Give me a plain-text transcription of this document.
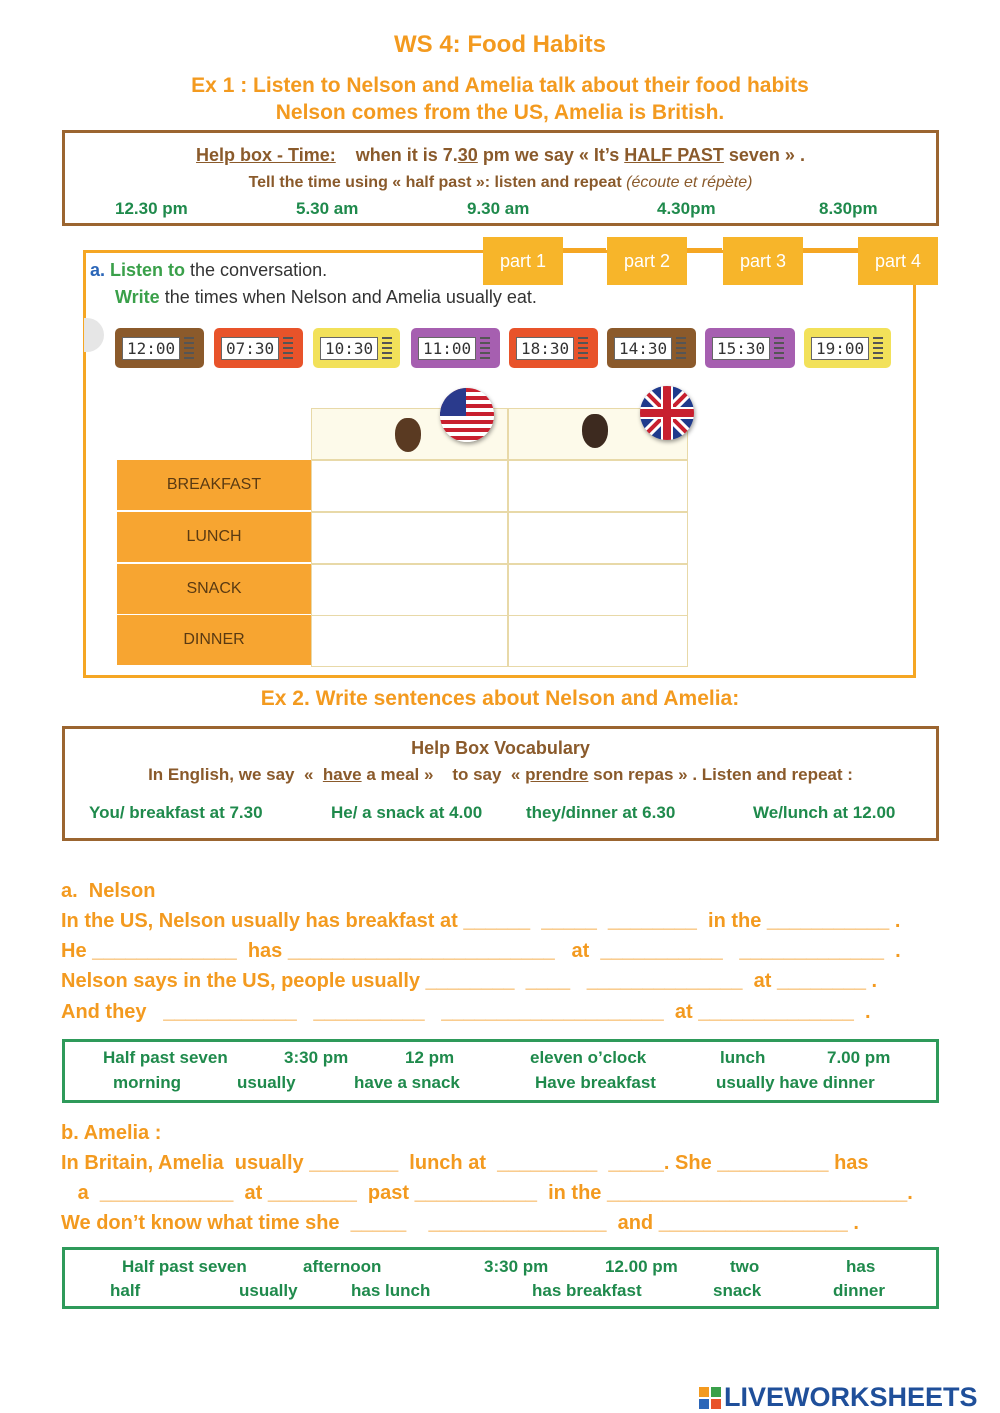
WS 4: Food Habits
Ex 1 : Listen to Nelson and Amelia talk about their food habits
Nelson comes from the US, Amelia is British.
Help box - Time: when it is 7.30 pm we say « It’s HALF PAST seven » .
Tell the time using « half past »: listen and repeat (écoute et répète)
12.30 pm	5.30 am	9.30 am	4.30pm	8.30pm
part 1	part 2	part 3	part 4
a. Listen to the conversation.
Write the times when Nelson and Amelia usually eat.
12:00	07:30	10:30	11:00	18:30	14:30	15:30	19:00
BREAKFAST
LUNCH
SNACK
DINNER
Ex 2. Write sentences about Nelson and Amelia:
Help Box Vocabulary
In English, we say  «  have a meal »    to say  « prendre son repas » . Listen and repeat :
You/ breakfast at 7.30	He/ a snack at 4.00	they/dinner at 6.30	We/lunch at 12.00
a.  Nelson
In the US, Nelson usually has breakfast at ______  _____  ________  in the ___________ .
He _____________  has ________________________   at  ___________   _____________  .
Nelson says in the US, people usually ________  ____   ______________  at ________ .
And they   ____________   __________   ____________________  at ______________  .
Half past seven	3:30 pm	12 pm	eleven o’clock	lunch	7.00 pm
morning	usually	have a snack	Have breakfast	usually have dinner
b. Amelia :
In Britain, Amelia  usually ________  lunch at  _________  _____. She __________ has
a  ____________  at ________  past ___________  in the ___________________________.
We don’t know what time she  _____    ________________  and _________________ .
Half past seven	afternoon	3:30 pm	12.00 pm	two	has
half	usually	has lunch	has breakfast	snack	dinner
LIVEWORKSHEETS
